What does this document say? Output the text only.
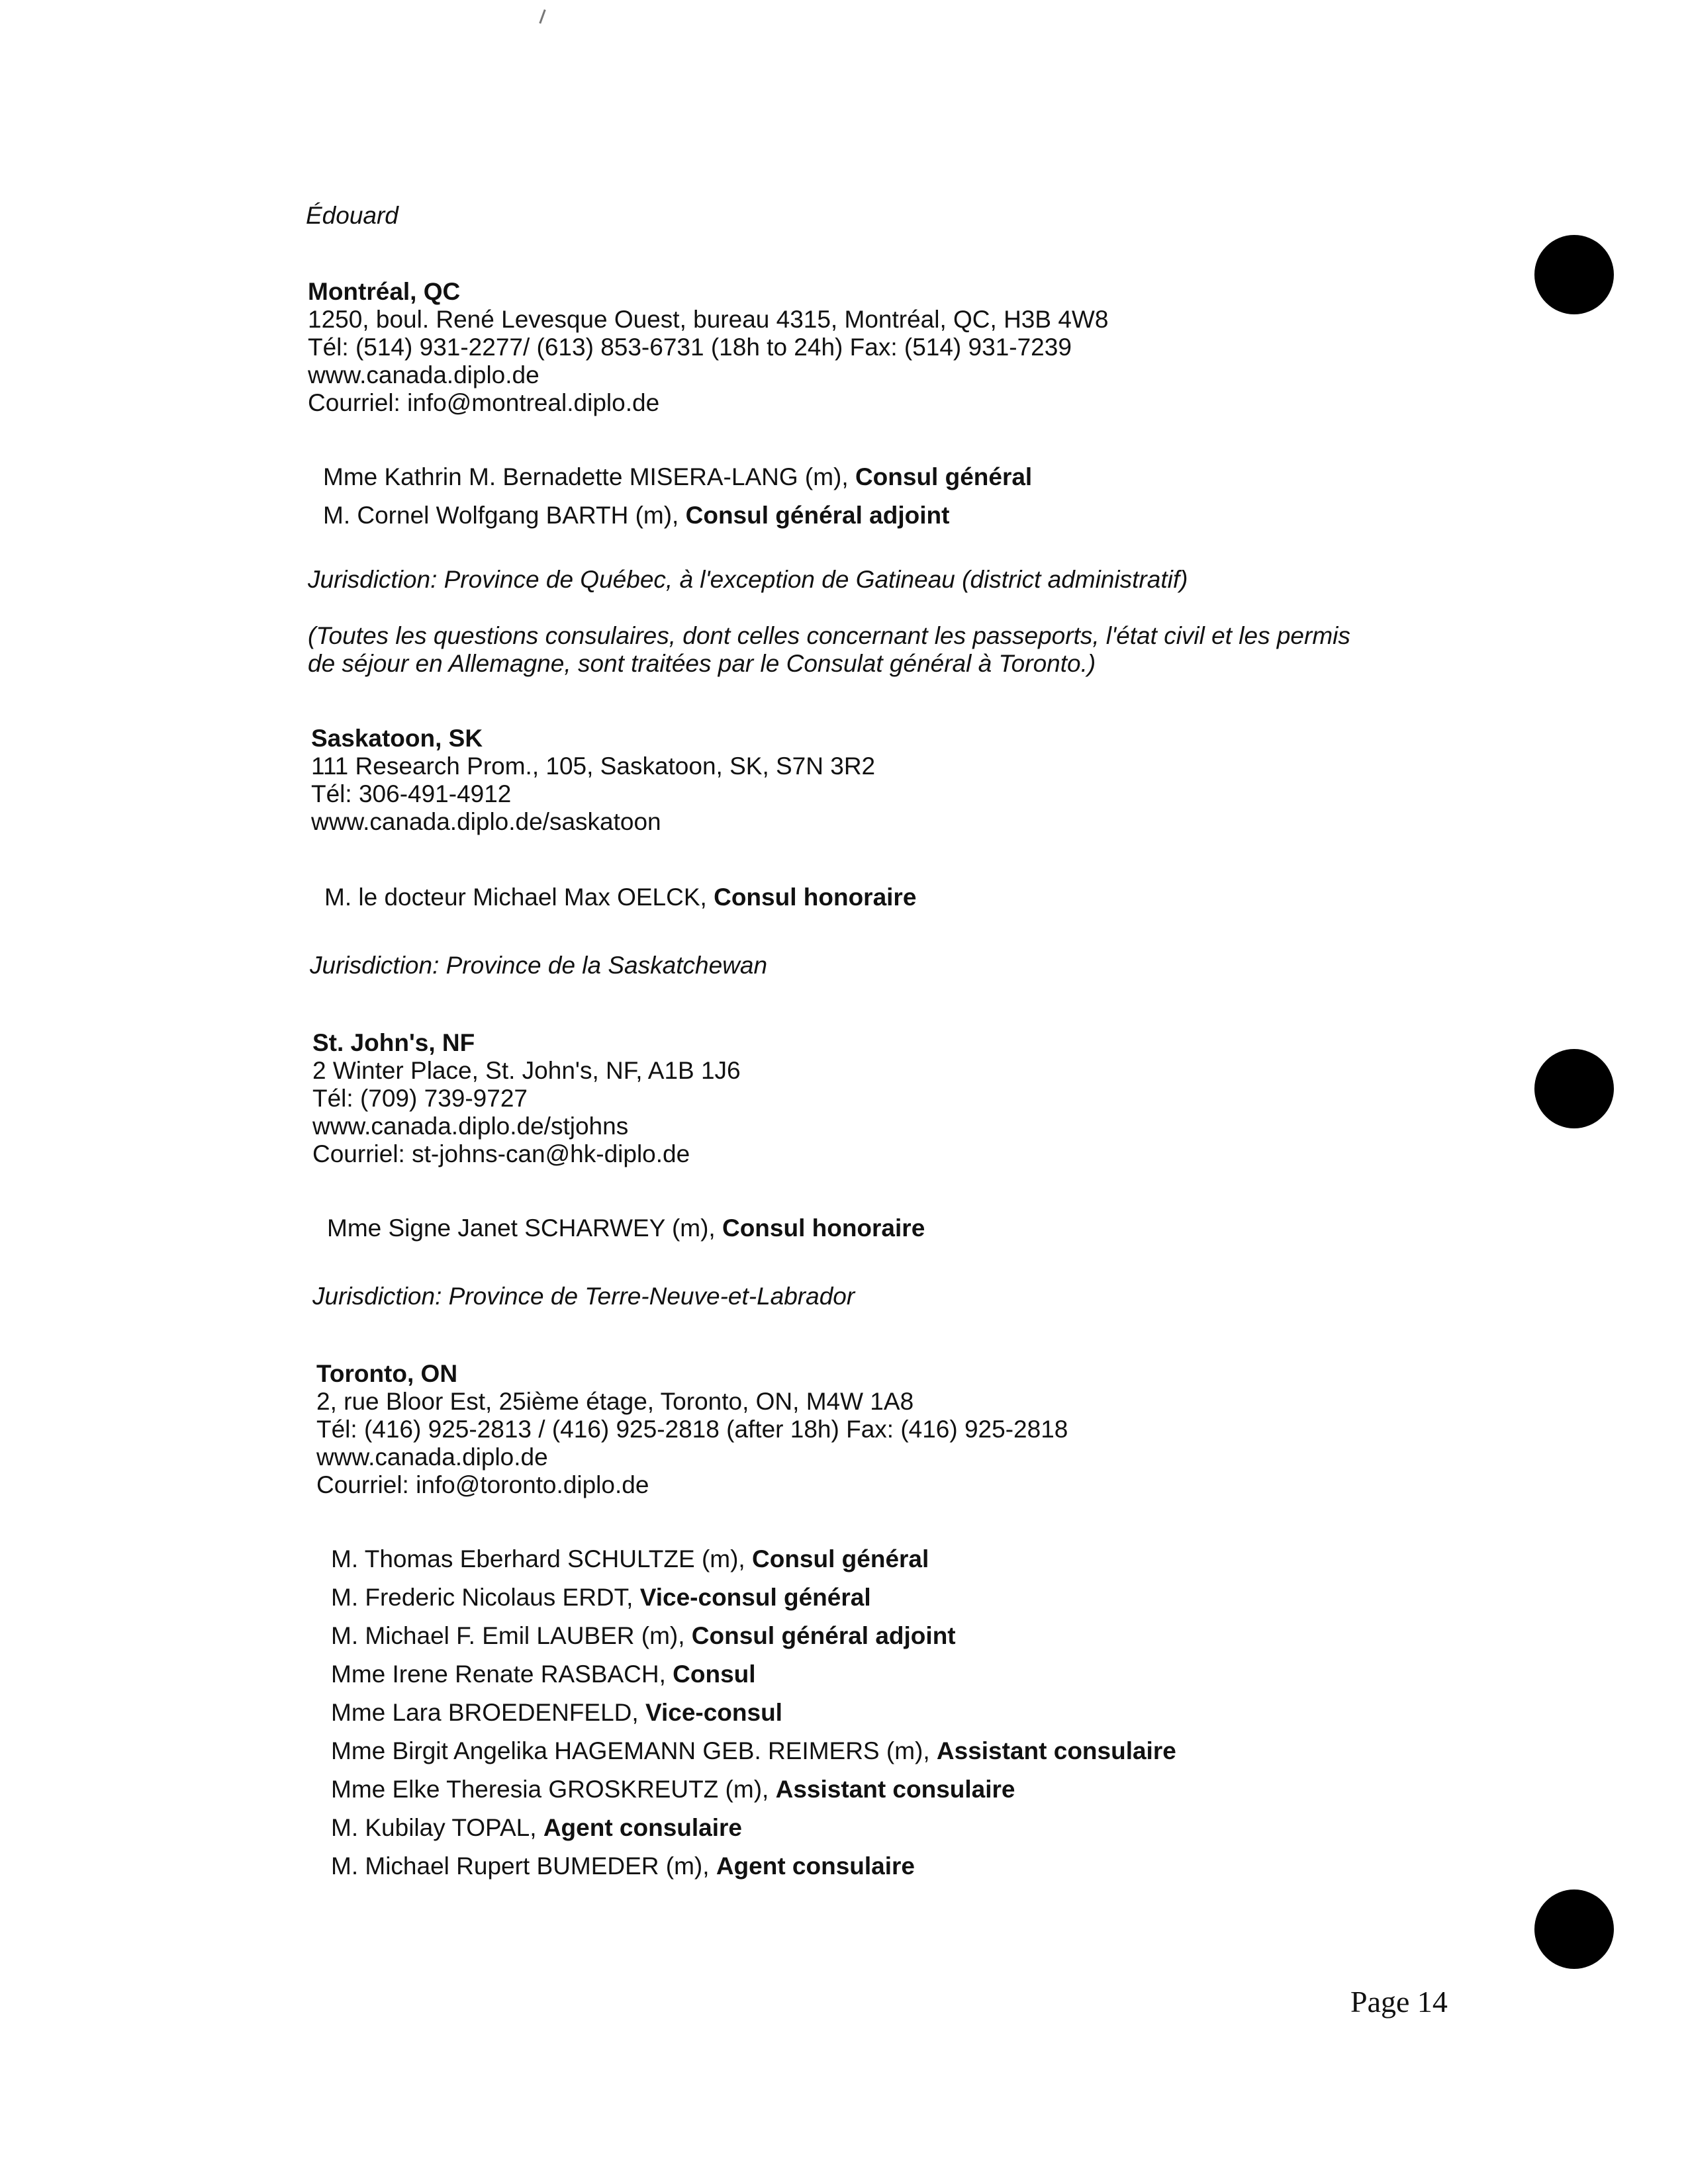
Édouard
Montréal, QC
1250, boul. René Levesque Ouest, bureau 4315, Montréal, QC, H3B 4W8
Tél: (514) 931-2277/ (613) 853-6731 (18h to 24h) Fax: (514) 931-7239
www.canada.diplo.de
Courriel: info@montreal.diplo.de
Mme Kathrin M. Bernadette MISERA-LANG (m), Consul général
M. Cornel Wolfgang BARTH (m), Consul général adjoint
Jurisdiction: Province de Québec, à l'exception de Gatineau (district administratif)
(Toutes les questions consulaires, dont celles concernant les passeports, l'état civil et les permis de séjour en Allemagne, sont traitées par le Consulat général à Toronto.)
Saskatoon, SK
111 Research Prom., 105, Saskatoon, SK, S7N 3R2
Tél: 306-491-4912
www.canada.diplo.de/saskatoon
M. le docteur Michael Max OELCK, Consul honoraire
Jurisdiction: Province de la Saskatchewan
St. John's, NF
2 Winter Place, St. John's, NF, A1B 1J6
Tél: (709) 739-9727
www.canada.diplo.de/stjohns
Courriel: st-johns-can@hk-diplo.de
Mme Signe Janet SCHARWEY (m), Consul honoraire
Jurisdiction: Province de Terre-Neuve-et-Labrador
Toronto, ON
2, rue Bloor Est, 25ième étage, Toronto, ON, M4W 1A8
Tél: (416) 925-2813 / (416) 925-2818 (after 18h) Fax: (416) 925-2818
www.canada.diplo.de
Courriel: info@toronto.diplo.de
M. Thomas Eberhard SCHULTZE (m), Consul général
M. Frederic Nicolaus ERDT, Vice-consul général
M. Michael F. Emil LAUBER (m), Consul général adjoint
Mme Irene Renate RASBACH, Consul
Mme Lara BROEDENFELD, Vice-consul
Mme Birgit Angelika HAGEMANN GEB. REIMERS (m), Assistant consulaire
Mme Elke Theresia GROSKREUTZ (m), Assistant consulaire
M. Kubilay TOPAL, Agent consulaire
M. Michael Rupert BUMEDER (m), Agent consulaire
Page 14
